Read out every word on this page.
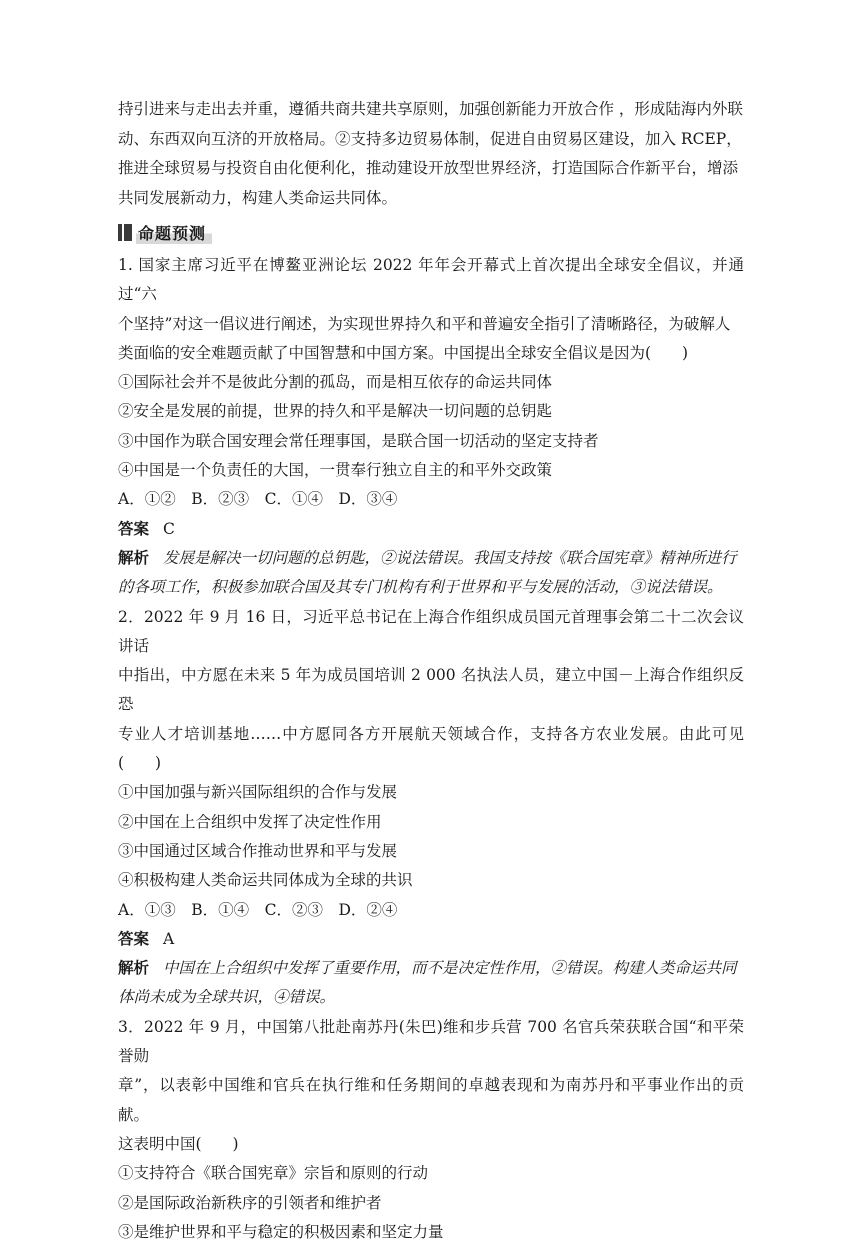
持引进来与走出去并重，遵循共商共建共享原则，加强创新能力开放合作 ，形成陆海内外联

动、东西双向互济的开放格局。②支持多边贸易体制，促进自由贸易区建设，加入 RCEP，

推进全球贸易与投资自由化便利化，推动建设开放型世界经济，打造国际合作新平台，增添

共同发展新动力，构建人类命运共同体。

命题预测

1. 国家主席习近平在博鳌亚洲论坛 2022 年年会开幕式上首次提出全球安全倡议，并通过“六

个坚持”对这一倡议进行阐述，为实现世界持久和平和普遍安全指引了清晰路径，为破解人

类面临的安全难题贡献了中国智慧和中国方案。中国提出全球安全倡议是因为(　　)

①国际社会并不是彼此分割的孤岛，而是相互依存的命运共同体

②安全是发展的前提，世界的持久和平是解决一切问题的总钥匙

③中国作为联合国安理会常任理事国，是联合国一切活动的坚定支持者

④中国是一个负责任的大国，一贯奉行独立自主的和平外交政策

A．①②　B．②③　C．①④　D．③④

答案 C

解析 发展是解决一切问题的总钥匙，②说法错误。我国支持按《联合国宪章》精神所进行

的各项工作，积极参加联合国及其专门机构有利于世界和平与发展的活动，③说法错误。

2．2022 年 9 月 16 日，习近平总书记在上海合作组织成员国元首理事会第二十二次会议讲话

中指出，中方愿在未来 5 年为成员国培训 2 000 名执法人员，建立中国－上海合作组织反恐

专业人才培训基地……中方愿同各方开展航天领域合作，支持各方农业发展。由此可见(　　)

①中国加强与新兴国际组织的合作与发展

②中国在上合组织中发挥了决定性作用

③中国通过区域合作推动世界和平与发展

④积极构建人类命运共同体成为全球的共识

A．①③　B．①④　C．②③　D．②④

答案 A

解析 中国在上合组织中发挥了重要作用，而不是决定性作用，②错误。构建人类命运共同

体尚未成为全球共识，④错误。

3．2022 年 9 月，中国第八批赴南苏丹(朱巴)维和步兵营 700 名官兵荣获联合国“和平荣誉勋

章”，以表彰中国维和官兵在执行维和任务期间的卓越表现和为南苏丹和平事业作出的贡献。

这表明中国(　　)

①支持符合《联合国宪章》宗旨和原则的行动

②是国际政治新秩序的引领者和维护者

③是维护世界和平与稳定的积极因素和坚定力量
